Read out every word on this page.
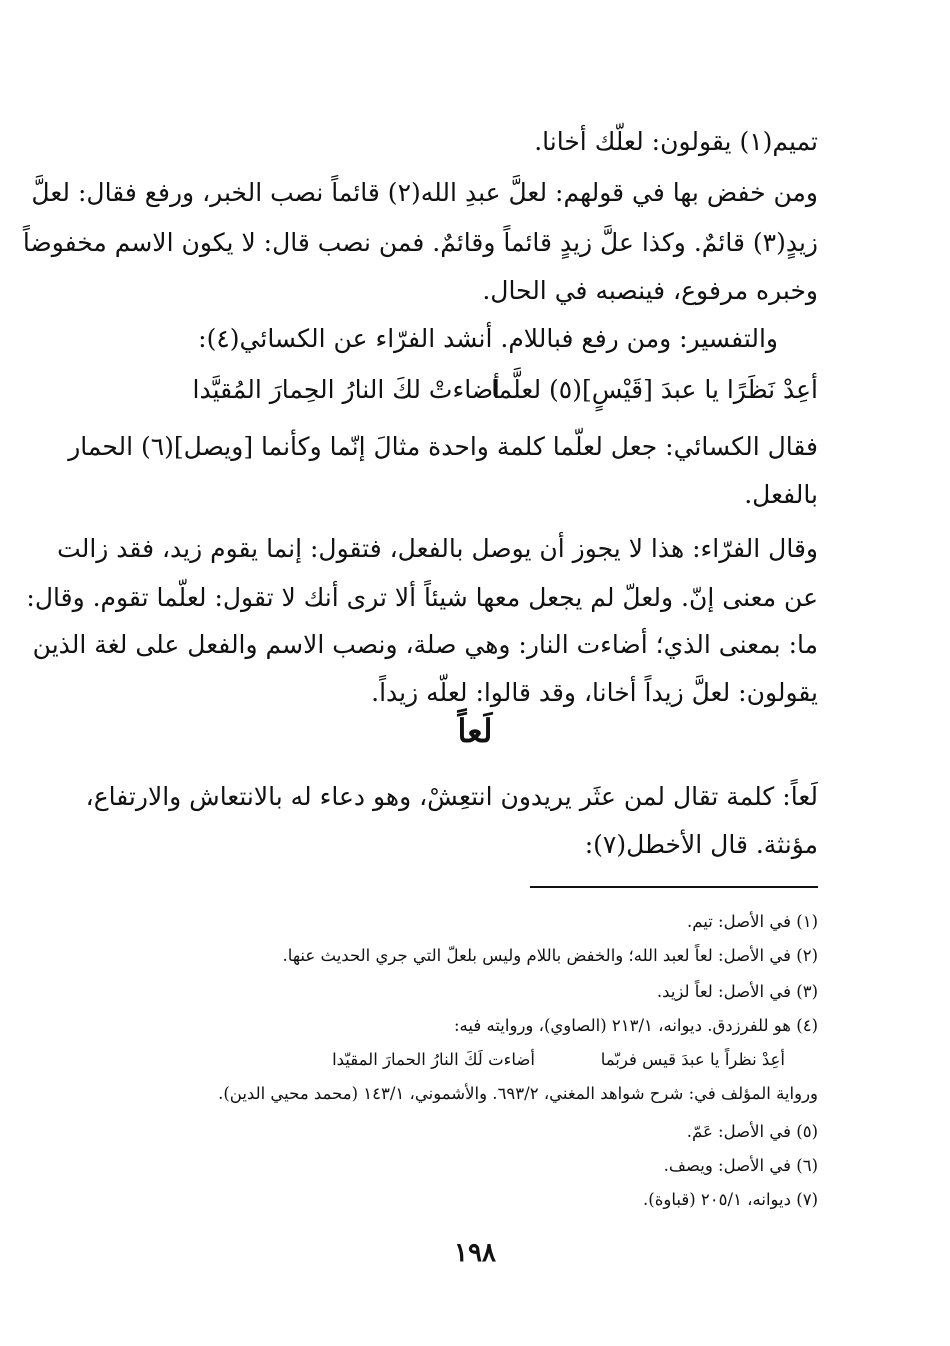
تميم(١) يقولون: لعلّك أخانا.
ومن خفض بها في قولهم: لعلَّ عبدِ الله(٢) قائماً نصب الخبر، ورفع فقال: لعلَّ
زيدٍ(٣) قائمٌ. وكذا علَّ زيدٍ قائماً وقائمٌ. فمن نصب قال: لا يكون الاسم مخفوضاً
وخبره مرفوع، فينصبه في الحال.
والتفسير: ومن رفع فباللام. أنشد الفرّاء عن الكسائي(٤):
أعِدْ نَظَرًا يا عبدَ [قَيْسٍ](٥) لعلَّما
أضاءتْ لكَ النارُ الحِمارَ المُقيَّدا
فقال الكسائي: جعل لعلّما كلمة واحدة مثالَ إنّما وكأنما [ويصل](٦) الحمار
بالفعل.
وقال الفرّاء: هذا لا يجوز أن يوصل بالفعل، فتقول: إنما يقوم زيد، فقد زالت
عن معنى إنّ. ولعلّ لم يجعل معها شيئاً ألا ترى أنك لا تقول: لعلّما تقوم. وقال:
ما: بمعنى الذي؛ أضاءت النار: وهي صلة، ونصب الاسم والفعل على لغة الذين
يقولون: لعلَّ زيداً أخانا، وقد قالوا: لعلّه زيداً.
لَعاً
لَعاً: كلمة تقال لمن عثَر يريدون انتعِشْ، وهو دعاء له بالانتعاش والارتفاع،
مؤنثة. قال الأخطل(٧):
(١) في الأصل: تيم.
(٢) في الأصل: لعاً لعبد الله؛ والخفض باللام وليس بلعلّ التي جري الحديث عنها.
(٣) في الأصل: لعاً لزيد.
(٤) هو للفرزدق. ديوانه، ٢١٣/١ (الصاوي)، وروايته فيه:
أعِدْ نظراً يا عبدَ قيس فربّما
أضاءت لَكَ النارُ الحمارَ المقيّدا
ورواية المؤلف في: شرح شواهد المغني، ٦٩٣/٢. والأشموني، ١٤٣/١ (محمد محيي الدين).
(٥) في الأصل: عَمّ.
(٦) في الأصل: ويصف.
(٧) ديوانه، ٢٠٥/١ (قباوة).
١٩٨
